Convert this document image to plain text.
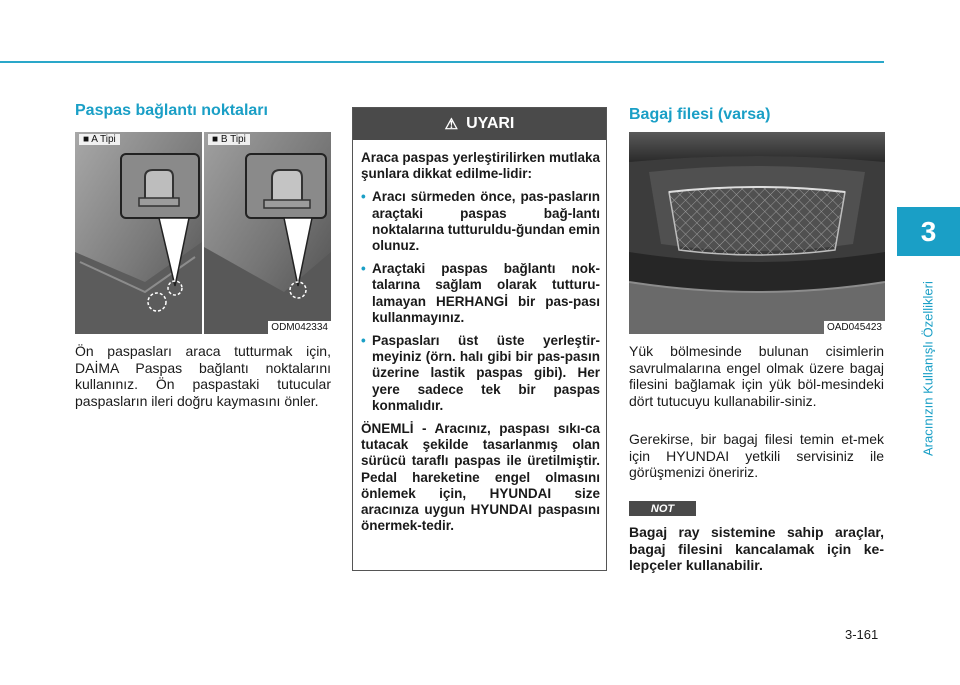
3
Aracınızın Kullanışlı Özellikleri
Paspas bağlantı noktaları
■ A Tipi	■ B Tipi
ODM042334

Ön paspasları araca tutturmak için, DAİMA Paspas bağlantı noktalarını kullanınız. Ön paspastaki tutucular paspasların ileri doğru kaymasını önler.

⚠ UYARI

Araca paspas yerleştirilirken mutlaka şunlara dikkat edilme-lidir:

• Aracı sürmeden önce, pas-pasların araçtaki paspas bağ-lantı noktalarına tutturuldu-ğundan emin olunuz.
• Araçtaki paspas bağlantı nok-talarına sağlam olarak tutturu-lamayan HERHANGİ bir pas-pası kullanmayınız.
• Paspasları üst üste yerleştir-meyiniz (örn. halı gibi bir pas-pasın üzerine lastik paspas gibi). Her yere sadece tek bir paspas konmalıdır.

ÖNEMLİ - Aracınız, paspası sıkı-ca tutacak şekilde tasarlanmış olan sürücü taraflı paspas ile üretilmiştir. Pedal hareketine engel olmasını önlemek için, HYUNDAI size aracınıza uygun HYUNDAI paspasını önermek-tedir.

Bagaj filesi (varsa)
OAD045423

Yük bölmesinde bulunan cisimlerin savrulmalarına engel olmak üzere bagaj filesini bağlamak için yük böl-mesindeki dört tutucuyu kullanabilir-siniz.

Gerekirse, bir bagaj filesi temin et-mek için HYUNDAI yetkili servisiniz ile görüşmenizi öneririz.

NOT

Bagaj ray sistemine sahip araçlar, bagaj filesini kancalamak için ke-lepçeler kullanabilir.

3-161
